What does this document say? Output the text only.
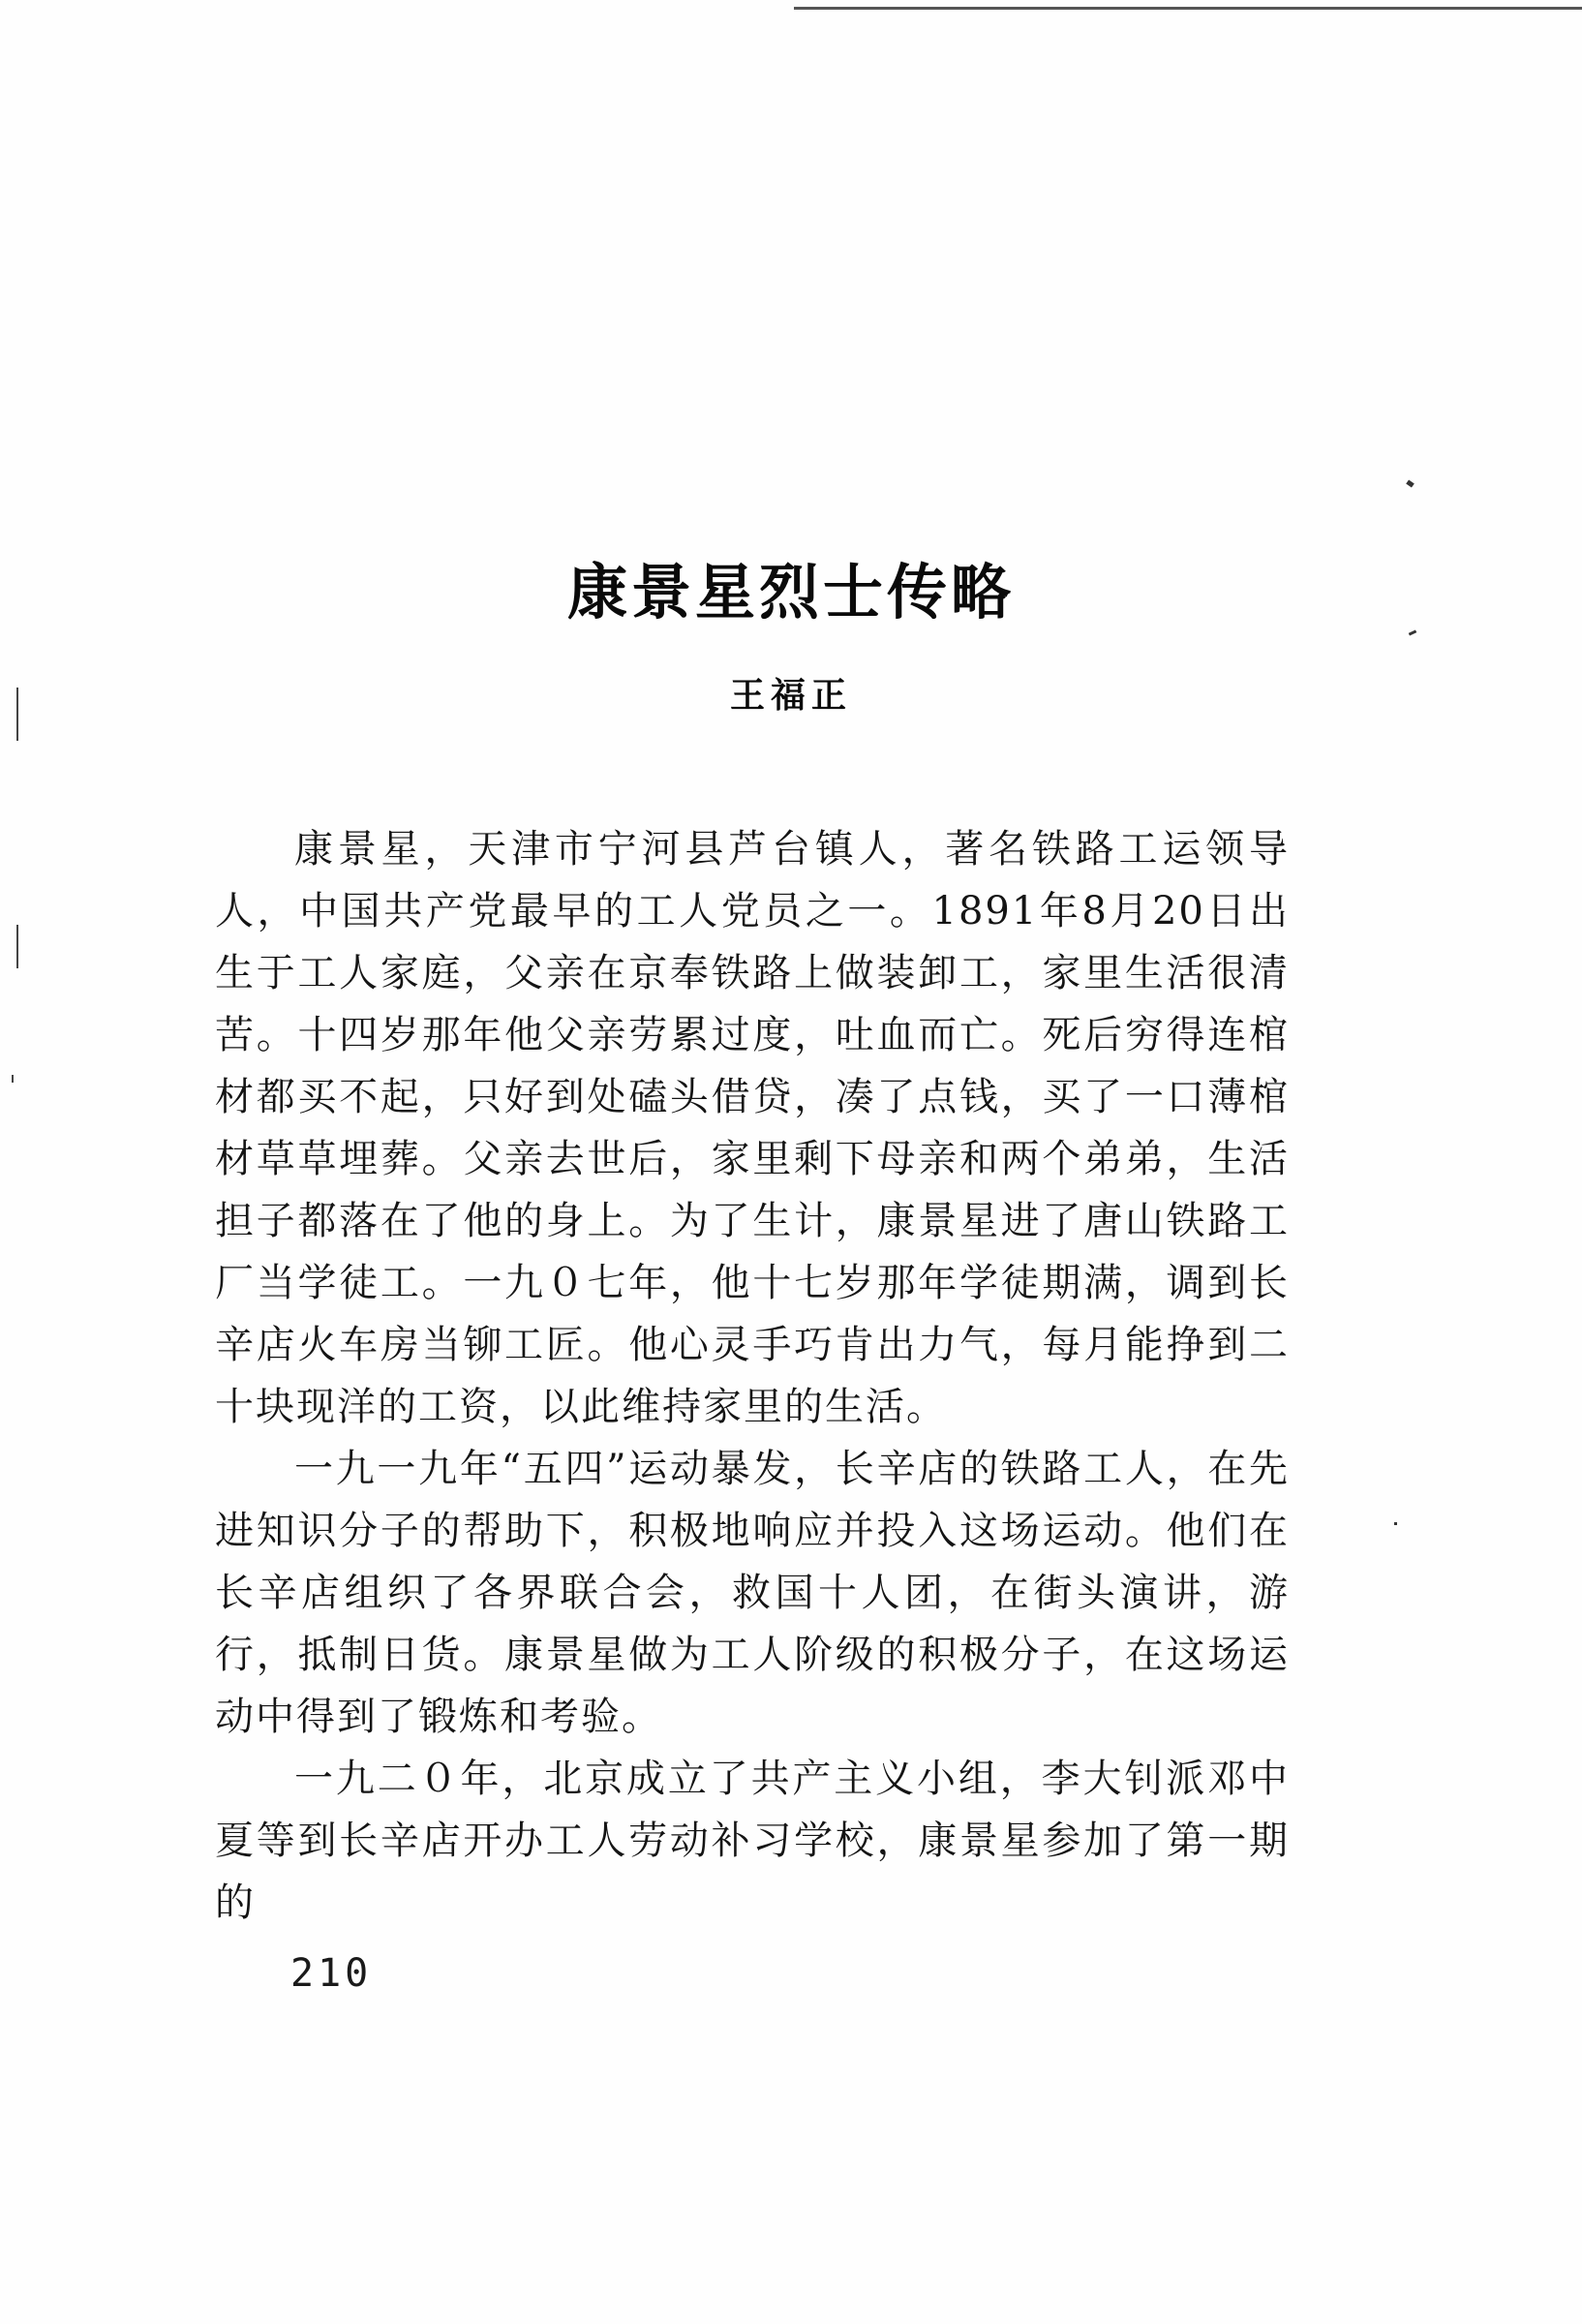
康景星烈士传略
王福正

康景星，天津市宁河县芦台镇人，著名铁路工运领导人，中国共产党最早的工人党员之一。1891年8月20日出生于工人家庭，父亲在京奉铁路上做装卸工，家里生活很清苦。十四岁那年他父亲劳累过度，吐血而亡。死后穷得连棺材都买不起，只好到处磕头借贷，凑了点钱，买了一口薄棺材草草埋葬。父亲去世后，家里剩下母亲和两个弟弟，生活担子都落在了他的身上。为了生计，康景星进了唐山铁路工厂当学徒工。一九０七年，他十七岁那年学徒期满，调到长辛店火车房当铆工匠。他心灵手巧肯出力气，每月能挣到二十块现洋的工资，以此维持家里的生活。

一九一九年“五四”运动暴发，长辛店的铁路工人，在先进知识分子的帮助下，积极地响应并投入这场运动。他们在长辛店组织了各界联合会，救国十人团，在街头演讲，游行，抵制日货。康景星做为工人阶级的积极分子，在这场运动中得到了锻炼和考验。

一九二０年，北京成立了共产主义小组，李大钊派邓中夏等到长辛店开办工人劳动补习学校，康景星参加了第一期的

210
